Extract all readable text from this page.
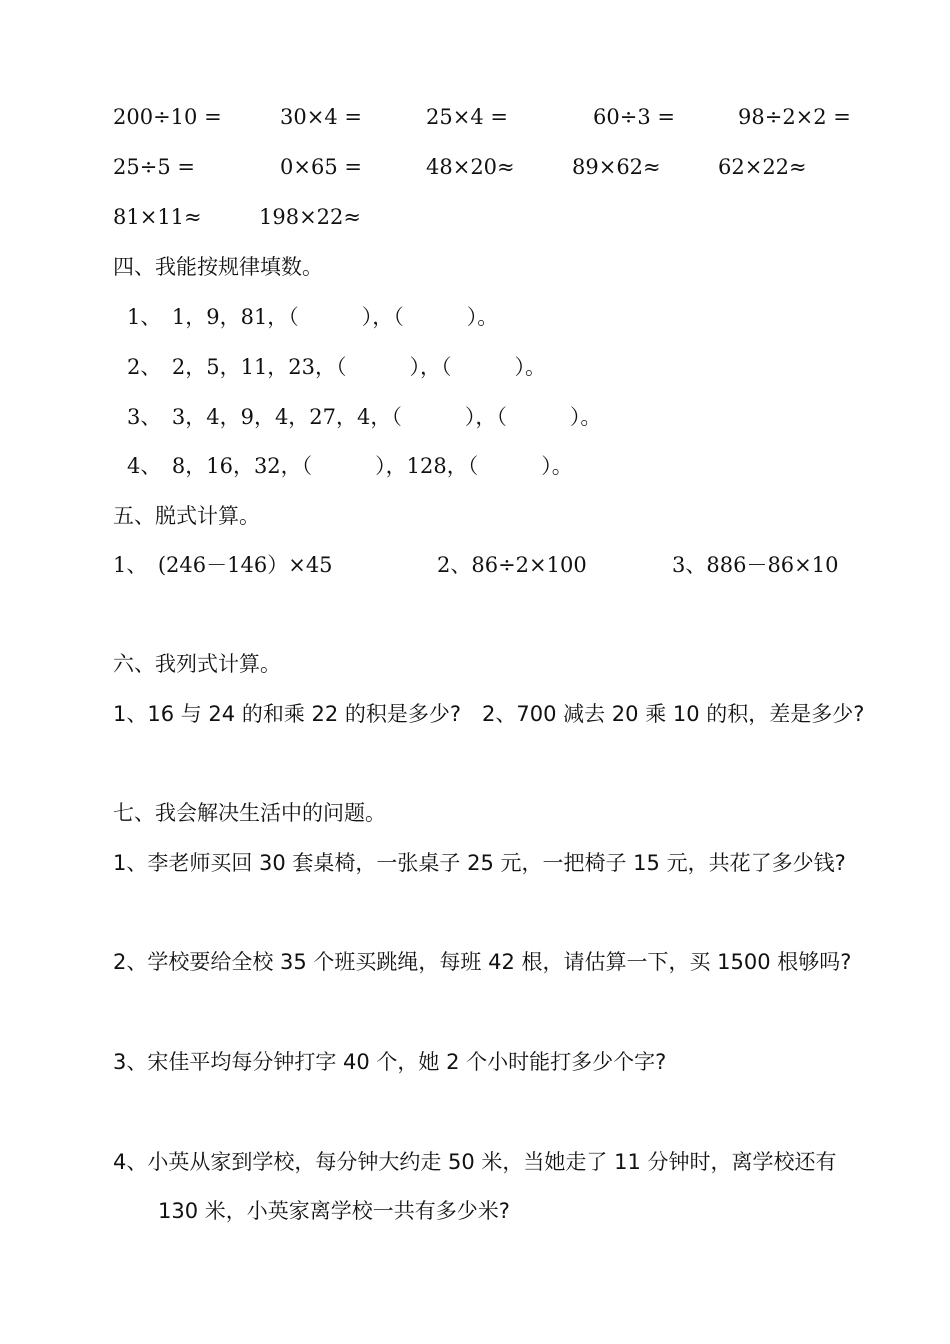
200÷10 =	30×4 =	25×4 =	60÷3 =	98÷2×2 =
25÷5 =	0×65 =	48×20≈	89×62≈	62×22≈
81×11≈	198×22≈
四、我能按规律填数。
1、　1，9，81，（　　　），（　　　）。
2、　2，5，11，23，（　　　），（　　　）。
3、　3，4，9，4，27，4，（　　　），（　　　）。
4、　8，16，32，（　　　），128，（　　　）。
五、脱式计算。
1、　(246－146）×45	2、86÷2×100	3、886－86×10
六、我列式计算。
1、16 与 24 的和乘 22 的积是多少? 2、700 减去 20 乘 10 的积，差是多少?
七、我会解决生活中的问题。
1、李老师买回 30 套桌椅，一张桌子 25 元，一把椅子 15 元，共花了多少钱?
2、学校要给全校 35 个班买跳绳，每班 42 根，请估算一下，买 1500 根够吗?
3、宋佳平均每分钟打字 40 个，她 2 个小时能打多少个字?
4、小英从家到学校，每分钟大约走 50 米，当她走了 11 分钟时，离学校还有
130 米，小英家离学校一共有多少米?
